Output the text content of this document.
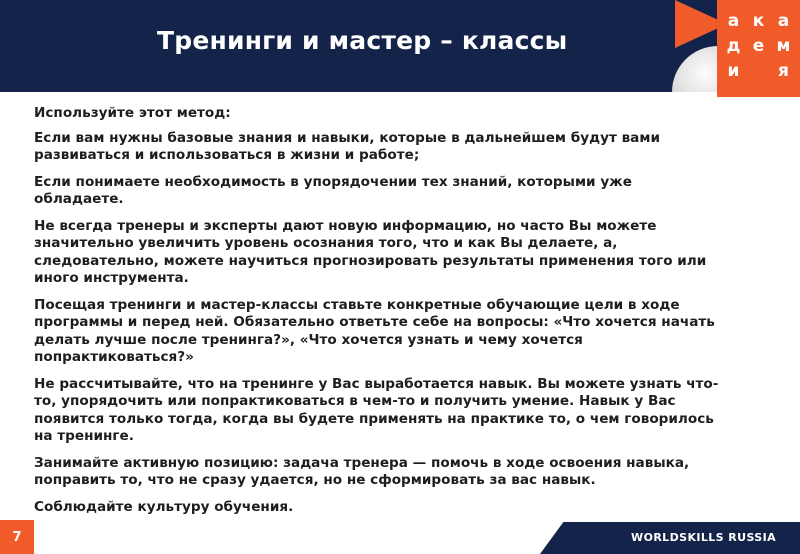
Тренинги и мастер – классы
а к а
д е м
и	я
Используйте этот метод:
Если вам нужны базовые знания и навыки, которые в дальнейшем будут вами развиваться и использоваться в жизни и работе;
Если понимаете необходимость в упорядочении тех знаний, которыми уже обладаете.
Не всегда тренеры и эксперты дают новую информацию, но часто Вы можете значительно увеличить уровень осознания того, что и как Вы делаете, а, следовательно, можете научиться прогнозировать результаты применения того или иного инструмента.
Посещая тренинги и мастер-классы ставьте конкретные обучающие цели в ходе программы и перед ней. Обязательно ответьте себе на вопросы: «Что хочется начать делать лучше после тренинга?», «Что хочется узнать и чему хочется попрактиковаться?»
Не рассчитывайте, что на тренинге у Вас выработается навык. Вы можете узнать что-то, упорядочить или попрактиковаться в чем-то и получить умение. Навык у Вас появится только тогда, когда вы будете применять на практике то, о чем говорилось на тренинге.
Занимайте активную позицию: задача тренера — помочь в ходе освоения навыка, поправить то, что не сразу удается, но не сформировать за вас навык.
Соблюдайте культуру обучения.
7	WORLDSKILLS RUSSIA
